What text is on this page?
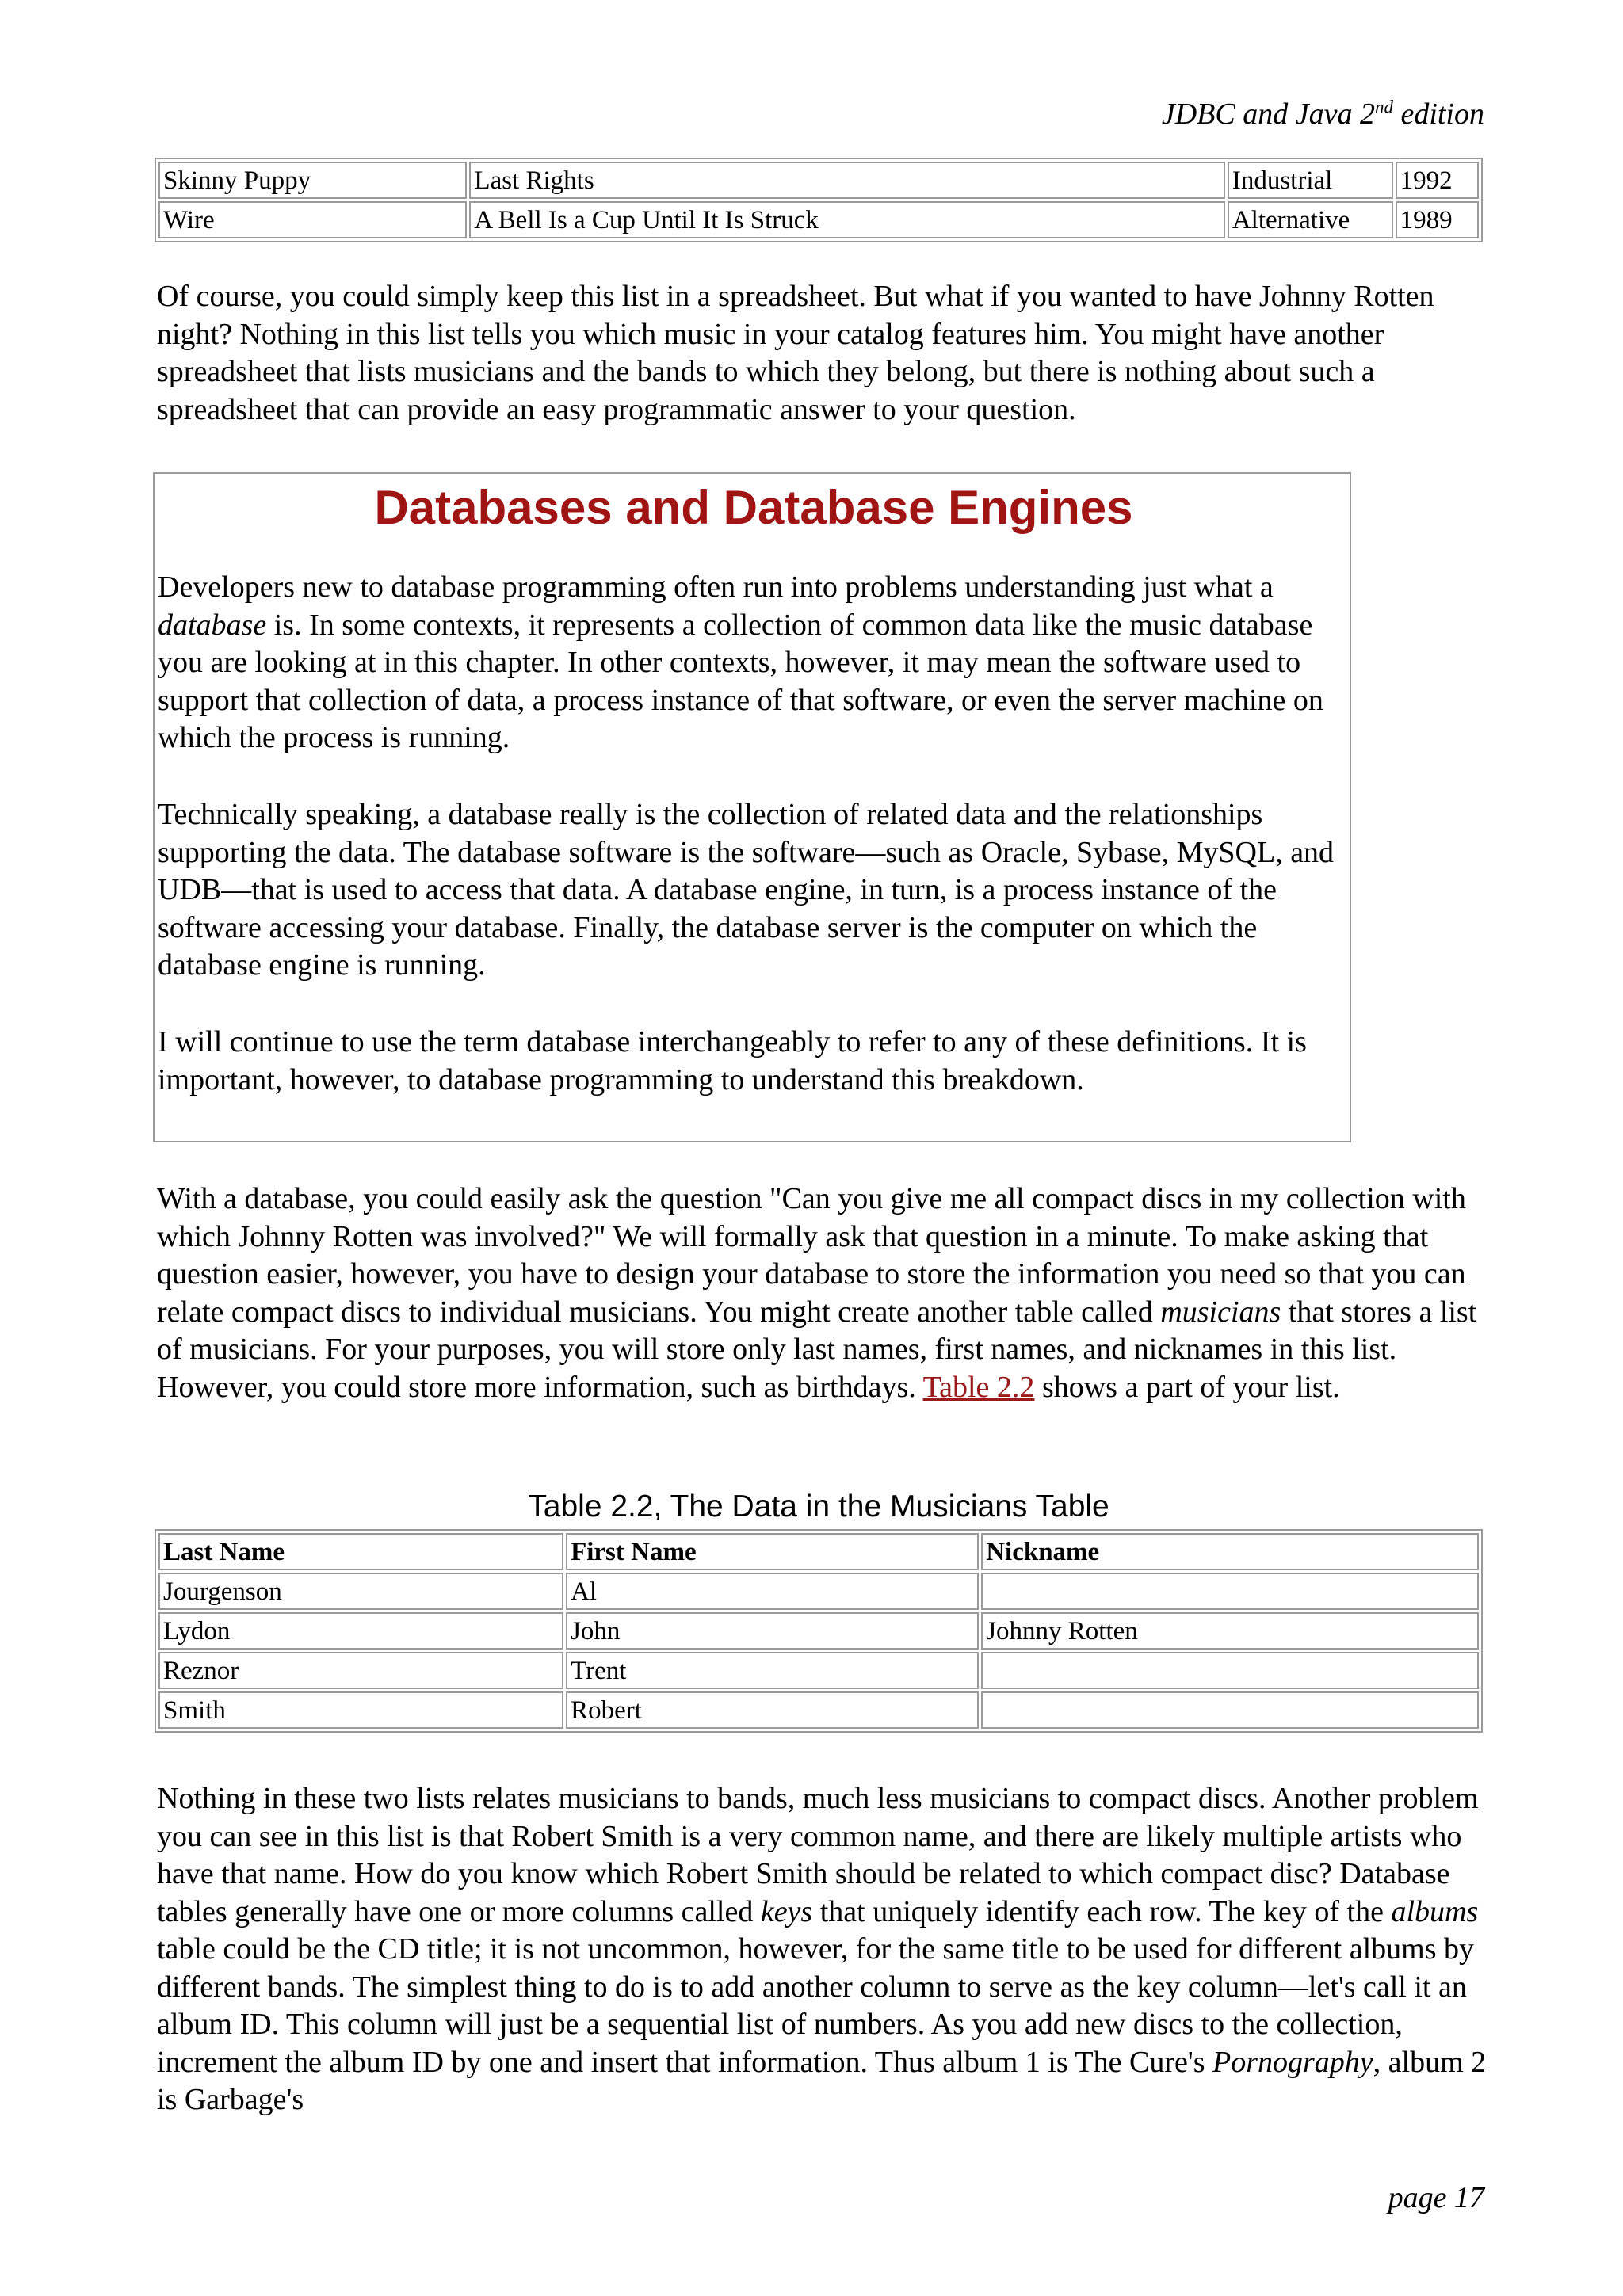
JDBC and Java 2nd edition
Skinny Puppy	Last Rights	Industrial	1992
Wire	A Bell Is a Cup Until It Is Struck	Alternative	1989

Of course, you could simply keep this list in a spreadsheet. But what if you wanted to have Johnny Rotten night? Nothing in this list tells you which music in your catalog features him. You might have another spreadsheet that lists musicians and the bands to which they belong, but there is nothing about such a spreadsheet that can provide an easy programmatic answer to your question.

Databases and Database Engines

Developers new to database programming often run into problems understanding just what a database is. In some contexts, it represents a collection of common data like the music database you are looking at in this chapter. In other contexts, however, it may mean the software used to support that collection of data, a process instance of that software, or even the server machine on which the process is running.

Technically speaking, a database really is the collection of related data and the relationships supporting the data. The database software is the software—such as Oracle, Sybase, MySQL, and UDB—that is used to access that data. A database engine, in turn, is a process instance of the software accessing your database. Finally, the database server is the computer on which the database engine is running.

I will continue to use the term database interchangeably to refer to any of these definitions. It is important, however, to database programming to understand this breakdown.

With a database, you could easily ask the question "Can you give me all compact discs in my collection with which Johnny Rotten was involved?" We will formally ask that question in a minute. To make asking that question easier, however, you have to design your database to store the information you need so that you can relate compact discs to individual musicians. You might create another table called musicians that stores a list of musicians. For your purposes, you will store only last names, first names, and nicknames in this list. However, you could store more information, such as birthdays. Table 2.2 shows a part of your list.

Table 2.2, The Data in the Musicians Table
Last Name	First Name	Nickname
Jourgenson	Al	
Lydon	John	Johnny Rotten
Reznor	Trent	
Smith	Robert	

Nothing in these two lists relates musicians to bands, much less musicians to compact discs. Another problem you can see in this list is that Robert Smith is a very common name, and there are likely multiple artists who have that name. How do you know which Robert Smith should be related to which compact disc? Database tables generally have one or more columns called keys that uniquely identify each row. The key of the albums table could be the CD title; it is not uncommon, however, for the same title to be used for different albums by different bands. The simplest thing to do is to add another column to serve as the key column—let's call it an album ID. This column will just be a sequential list of numbers. As you add new discs to the collection, increment the album ID by one and insert that information. Thus album 1 is The Cure's Pornography, album 2 is Garbage's

page 17
